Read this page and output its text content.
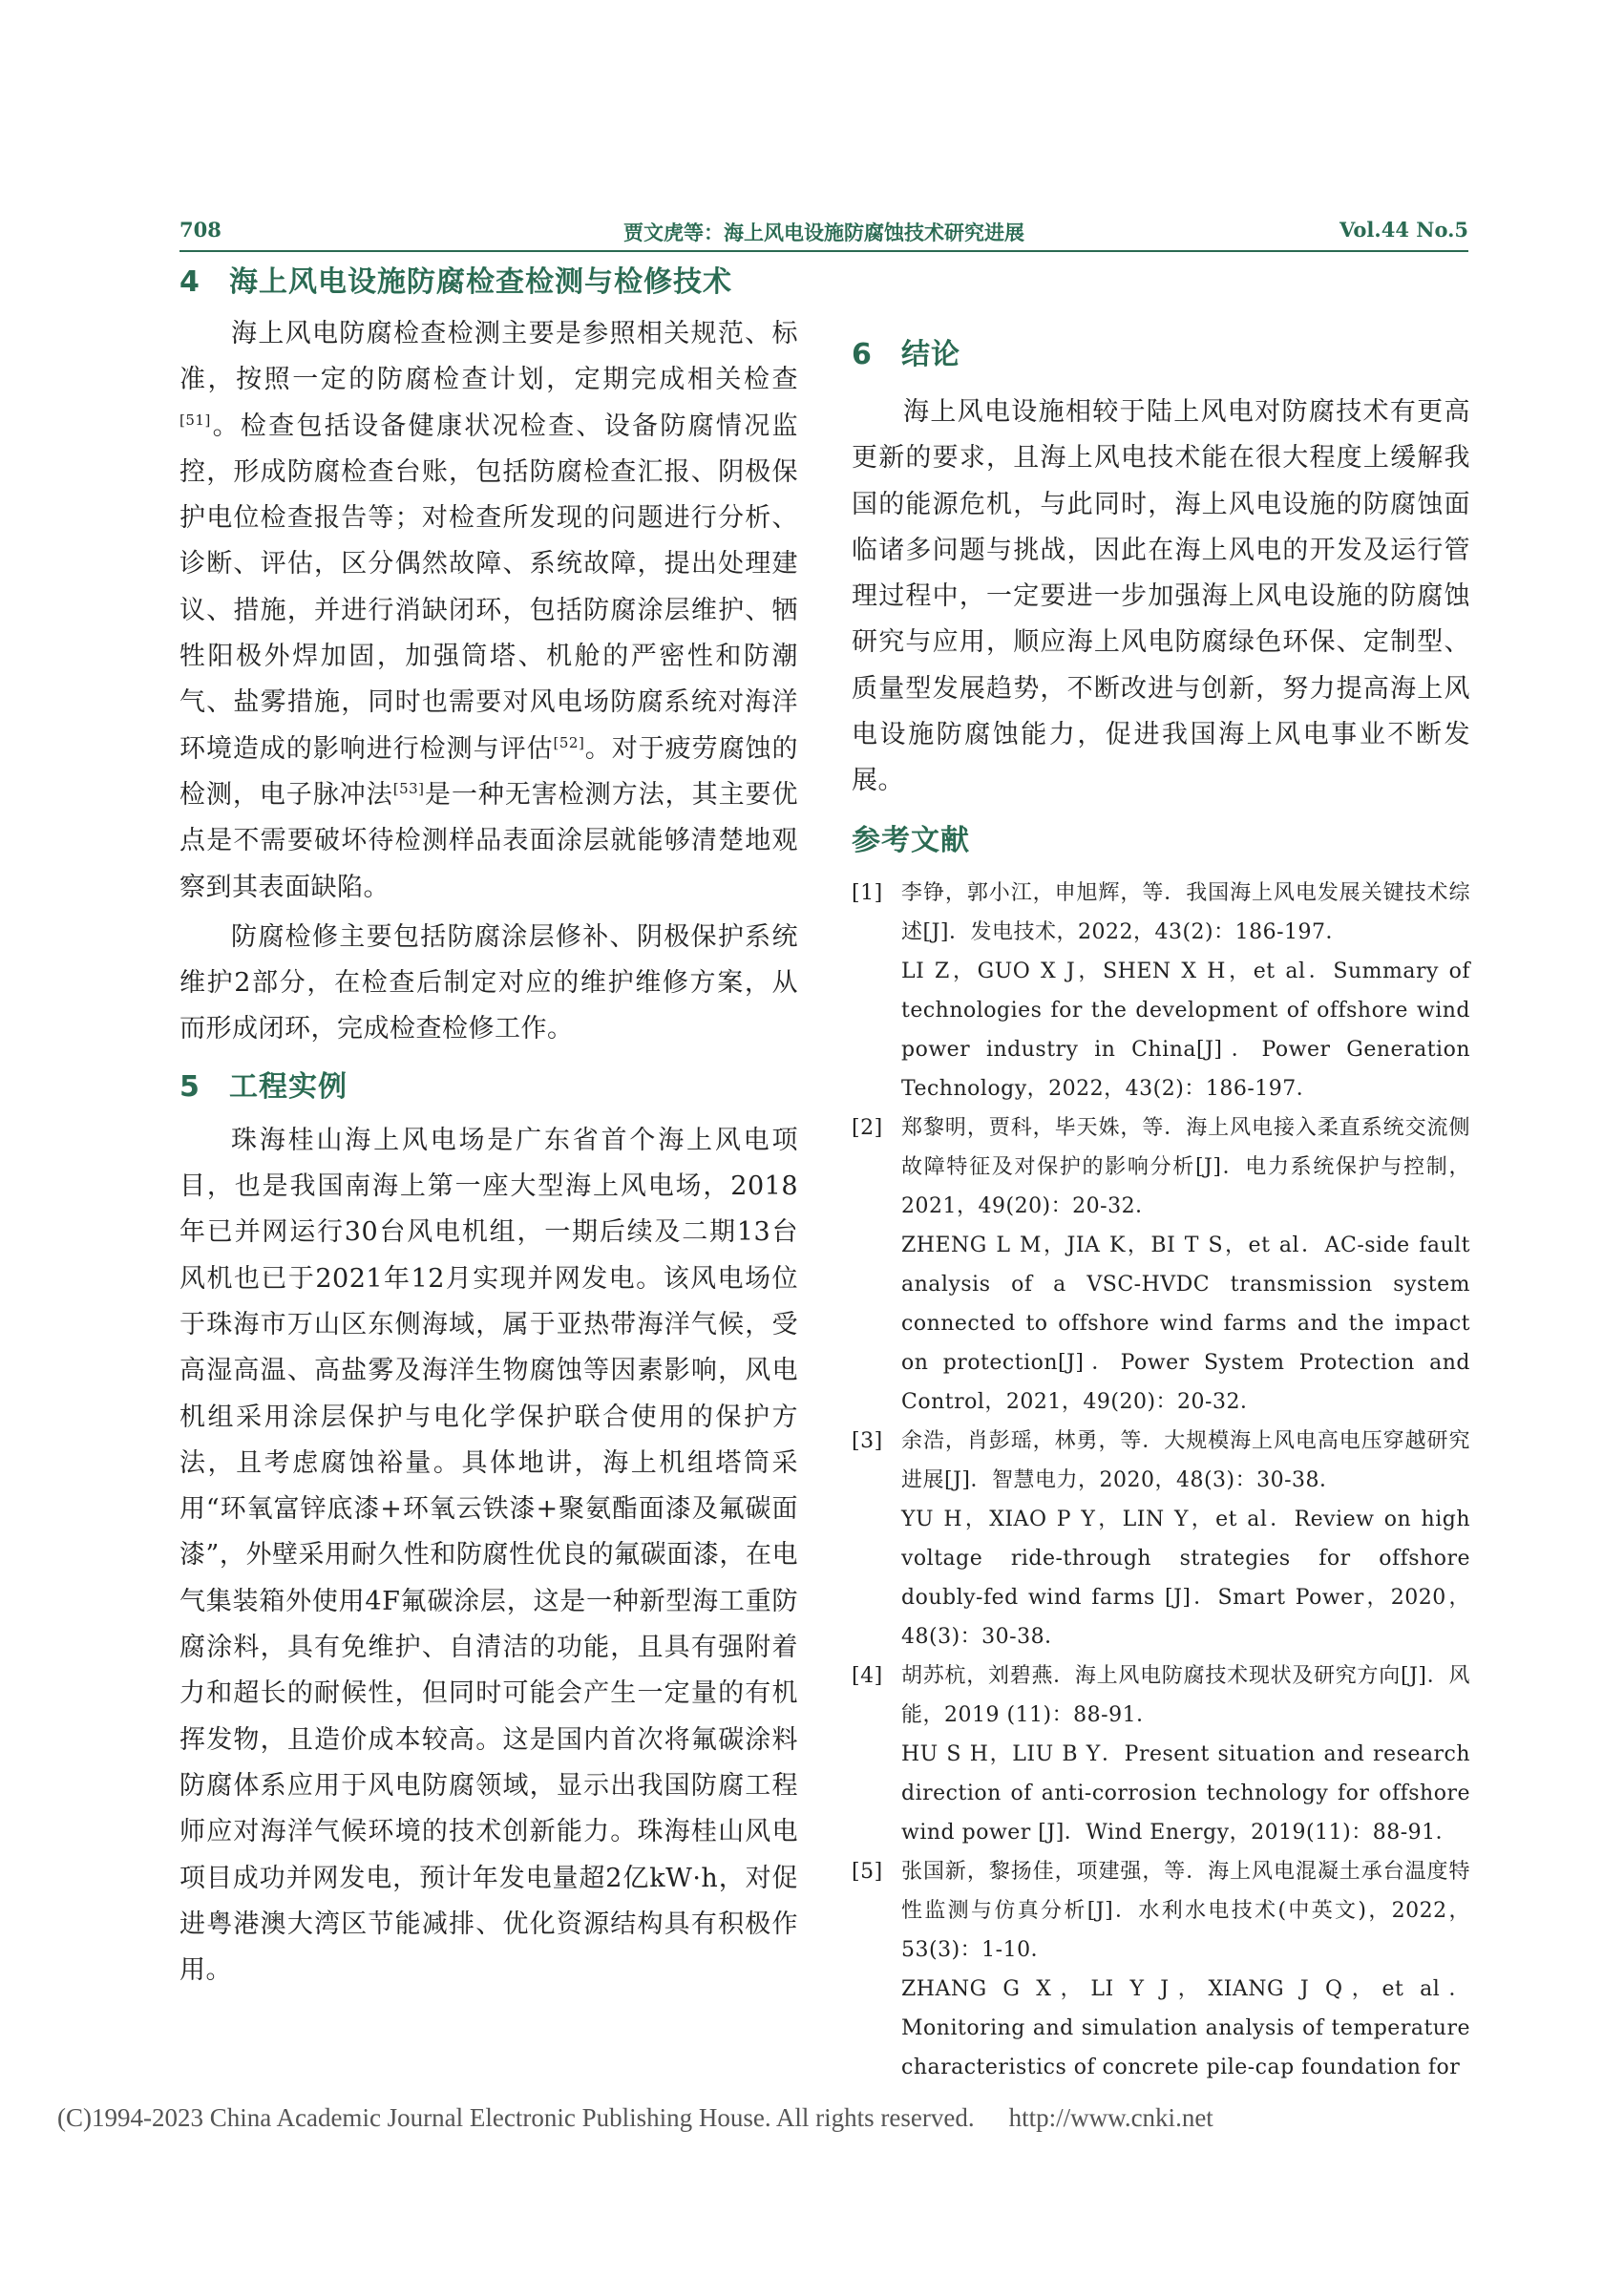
708	贾文虎等：海上风电设施防腐蚀技术研究进展	Vol.44 No.5
4 海上风电设施防腐检查检测与检修技术

海上风电防腐检查检测主要是参照相关规范、标准，按照一定的防腐检查计划，定期完成相关检查[51]。检查包括设备健康状况检查、设备防腐情况监控，形成防腐检查台账，包括防腐检查汇报、阴极保护电位检查报告等；对检查所发现的问题进行分析、诊断、评估，区分偶然故障、系统故障，提出处理建议、措施，并进行消缺闭环，包括防腐涂层维护、牺牲阳极外焊加固，加强筒塔、机舱的严密性和防潮气、盐雾措施，同时也需要对风电场防腐系统对海洋环境造成的影响进行检测与评估[52]。对于疲劳腐蚀的检测，电子脉冲法[53]是一种无害检测方法，其主要优点是不需要破坏待检测样品表面涂层就能够清楚地观察到其表面缺陷。

防腐检修主要包括防腐涂层修补、阴极保护系统维护2部分，在检查后制定对应的维护维修方案，从而形成闭环，完成检查检修工作。

5 工程实例

珠海桂山海上风电场是广东省首个海上风电项目，也是我国南海上第一座大型海上风电场，2018年已并网运行30台风电机组，一期后续及二期13台风机也已于2021年12月实现并网发电。该风电场位于珠海市万山区东侧海域，属于亚热带海洋气候，受高湿高温、高盐雾及海洋生物腐蚀等因素影响，风电机组采用涂层保护与电化学保护联合使用的保护方法，且考虑腐蚀裕量。具体地讲，海上机组塔筒采用“环氧富锌底漆+环氧云铁漆+聚氨酯面漆及氟碳面漆”，外壁采用耐久性和防腐性优良的氟碳面漆，在电气集装箱外使用4F氟碳涂层，这是一种新型海工重防腐涂料，具有免维护、自清洁的功能，且具有强附着力和超长的耐候性，但同时可能会产生一定量的有机挥发物，且造价成本较高。这是国内首次将氟碳涂料防腐体系应用于风电防腐领域，显示出我国防腐工程师应对海洋气候环境的技术创新能力。珠海桂山风电项目成功并网发电，预计年发电量超2亿kW·h，对促进粤港澳大湾区节能减排、优化资源结构具有积极作用。

6 结论

海上风电设施相较于陆上风电对防腐技术有更高更新的要求，且海上风电技术能在很大程度上缓解我国的能源危机，与此同时，海上风电设施的防腐蚀面临诸多问题与挑战，因此在海上风电的开发及运行管理过程中，一定要进一步加强海上风电设施的防腐蚀研究与应用，顺应海上风电防腐绿色环保、定制型、质量型发展趋势，不断改进与创新，努力提高海上风电设施防腐蚀能力，促进我国海上风电事业不断发展。

参考文献
[1] 李铮，郭小江，申旭辉，等．我国海上风电发展关键技术综述[J]．发电技术，2022，43(2)：186-197．

LI Z，GUO X J，SHEN X H，et al．Summary of technologies for the development of offshore wind power industry in China[J]．Power Generation Technology，2022，43(2)：186-197．

[2] 郑黎明，贾科，毕天姝，等．海上风电接入柔直系统交流侧故障特征及对保护的影响分析[J]．电力系统保护与控制，2021，49(20)：20-32．

ZHENG L M，JIA K，BI T S，et al．AC-side fault analysis of a VSC-HVDC transmission system connected to offshore wind farms and the impact on protection[J]．Power System Protection and Control，2021，49(20)：20-32．

[3] 余浩，肖彭瑶，林勇，等．大规模海上风电高电压穿越研究进展[J]．智慧电力，2020，48(3)：30-38．

YU H，XIAO P Y，LIN Y，et al．Review on high voltage ride-through strategies for offshore doubly-fed wind farms [J]．Smart Power，2020，48(3)：30-38．

[4] 胡苏杭，刘碧燕．海上风电防腐技术现状及研究方向[J]．风能，2019 (11)：88-91．

HU S H，LIU B Y．Present situation and research direction of anti-corrosion technology for offshore wind power [J]．Wind Energy，2019(11)：88-91．

[5] 张国新，黎扬佳，项建强，等．海上风电混凝土承台温度特性监测与仿真分析[J]．水利水电技术(中英文)，2022，53(3)：1-10．

ZHANG G X，LI Y J，XIANG J Q，et al．Monitoring and simulation analysis of temperature characteristics of concrete pile-cap foundation for

(C)1994-2023 China Academic Journal Electronic Publishing House. All rights reserved. http://www.cnki.net
